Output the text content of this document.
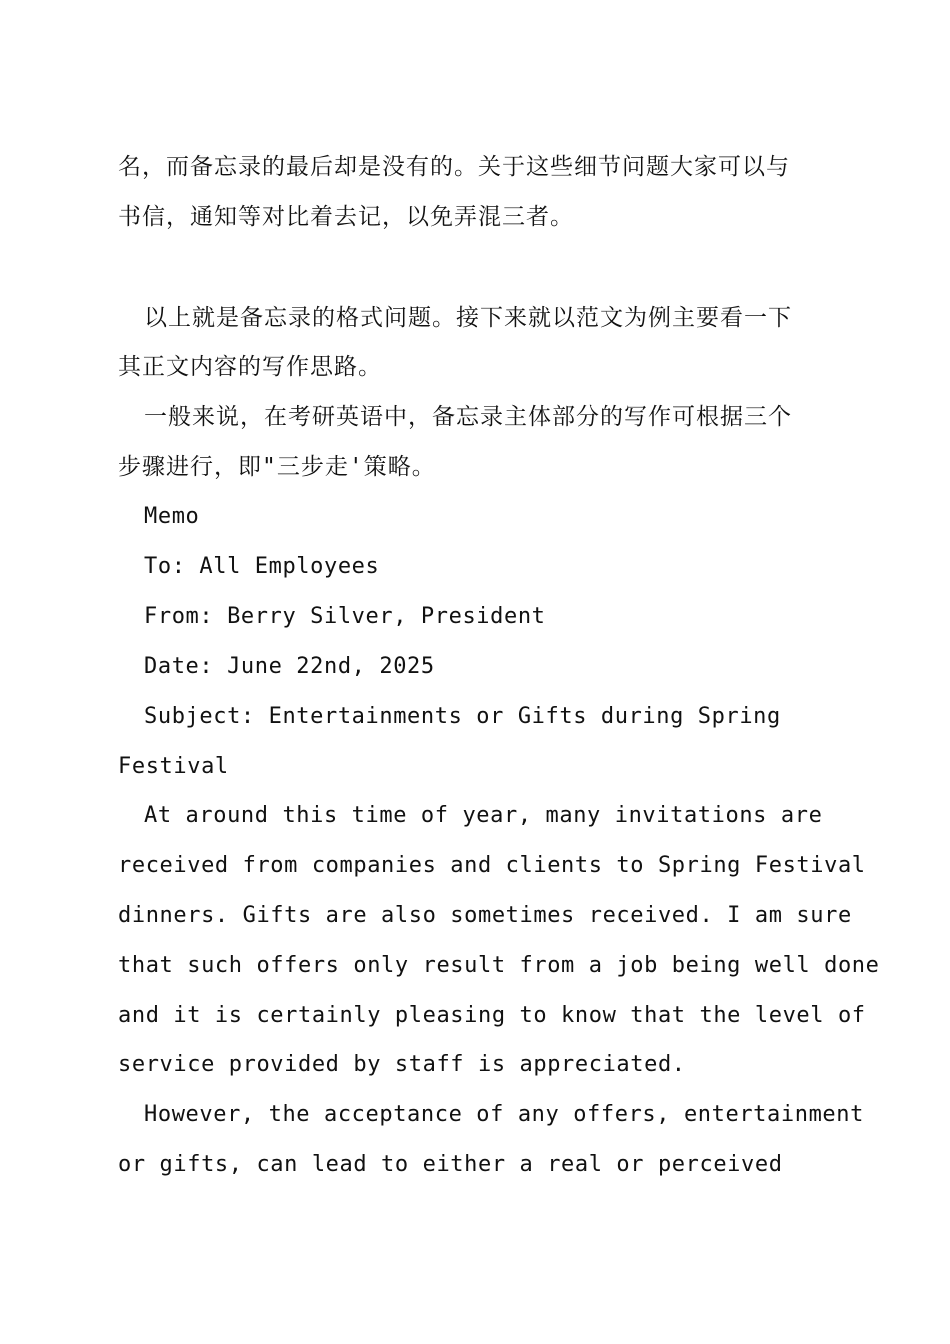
名，而备忘录的最后却是没有的。关于这些细节问题大家可以与
书信，通知等对比着去记，以免弄混三者。
以上就是备忘录的格式问题。接下来就以范文为例主要看一下
其正文内容的写作思路。
一般来说，在考研英语中，备忘录主体部分的写作可根据三个
步骤进行，即"三步走'策略。
Memo
To: All Employees
From: Berry Silver, President
Date: June 22nd, 2025
Subject: Entertainments or Gifts during Spring
Festival
At around this time of year, many invitations are
received from companies and clients to Spring Festival
dinners. Gifts are also sometimes received. I am sure
that such offers only result from a job being well done
and it is certainly pleasing to know that the level of
service provided by staff is appreciated.
However, the acceptance of any offers, entertainment
or gifts, can lead to either a real or perceived
